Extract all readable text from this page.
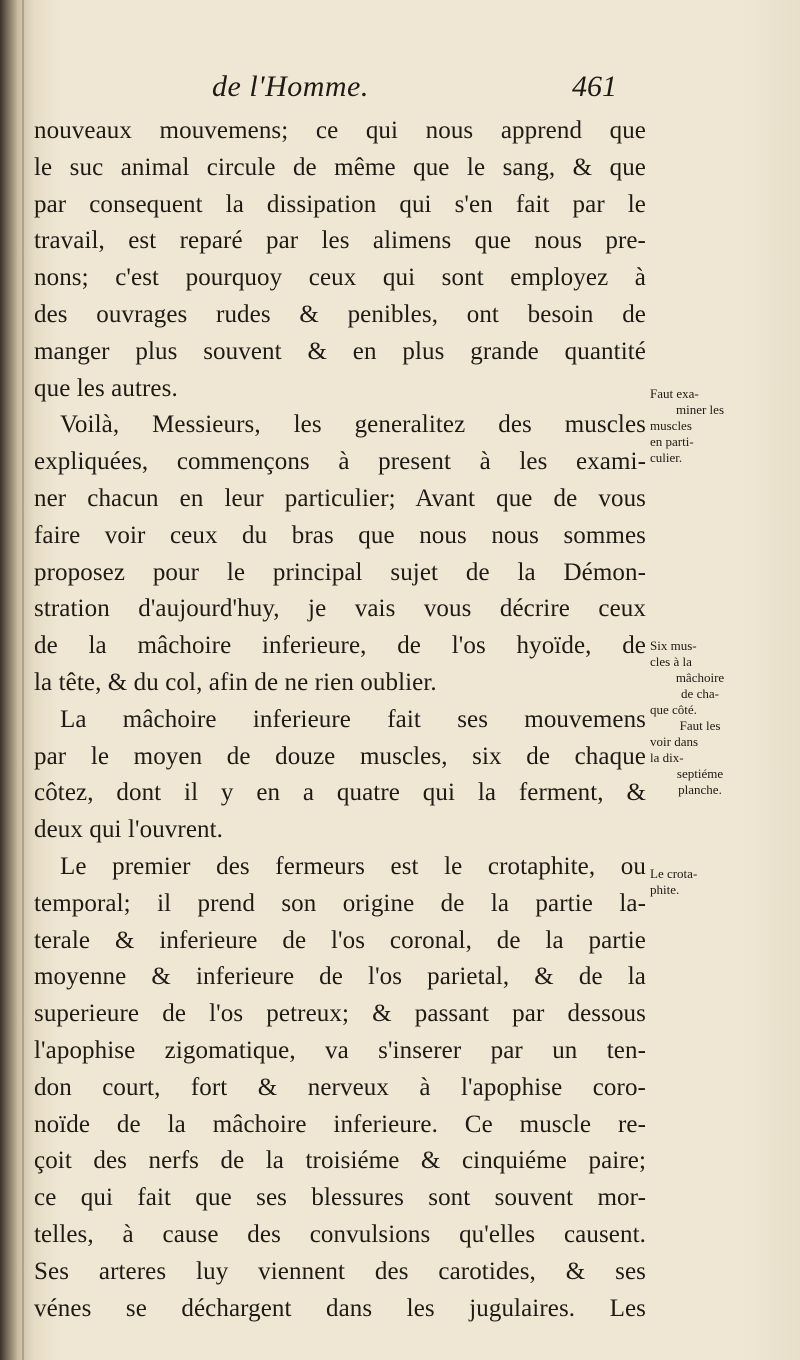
de l'Homme.	461
nouveaux mouvemens; ce qui nous apprend que
le suc animal circule de même que le sang, & que
par consequent la dissipation qui s'en fait par le
travail, est reparé par les alimens que nous pre-
nons; c'est pourquoy ceux qui sont employez à
des ouvrages rudes & penibles, ont besoin de
manger plus souvent & en plus grande quantité
que les autres.
Voilà, Messieurs, les generalitez des muscles
expliquées, commençons à present à les exami-
ner chacun en leur particulier; Avant que de vous
faire voir ceux du bras que nous nous sommes
proposez pour le principal sujet de la Démon-
stration d'aujourd'huy, je vais vous décrire ceux
de la mâchoire inferieure, de l'os hyoïde, de
la tête, & du col, afin de ne rien oublier.
La mâchoire inferieure fait ses mouvemens
par le moyen de douze muscles, six de chaque
côtez, dont il y en a quatre qui la ferment, &
deux qui l'ouvrent.
Le premier des fermeurs est le crotaphite, ou
temporal; il prend son origine de la partie la-
terale & inferieure de l'os coronal, de la partie
moyenne & inferieure de l'os parietal, & de la
superieure de l'os petreux; & passant par dessous
l'apophise zigomatique, va s'inserer par un ten-
don court, fort & nerveux à l'apophise coro-
noïde de la mâchoire inferieure. Ce muscle re-
çoit des nerfs de la troisiéme & cinquiéme paire;
ce qui fait que ses blessures sont souvent mor-
telles, à cause des convulsions qu'elles causent.
Ses arteres luy viennent des carotides, & ses
vénes se déchargent dans les jugulaires. Les
Faut exa-
miner les
muscles
en parti-
culier.
Six mus-
cles à la
mâchoire
de cha-
que côté.
Faut les
voir dans
la dix-
septiéme
planche.
Le crota-
phite.
